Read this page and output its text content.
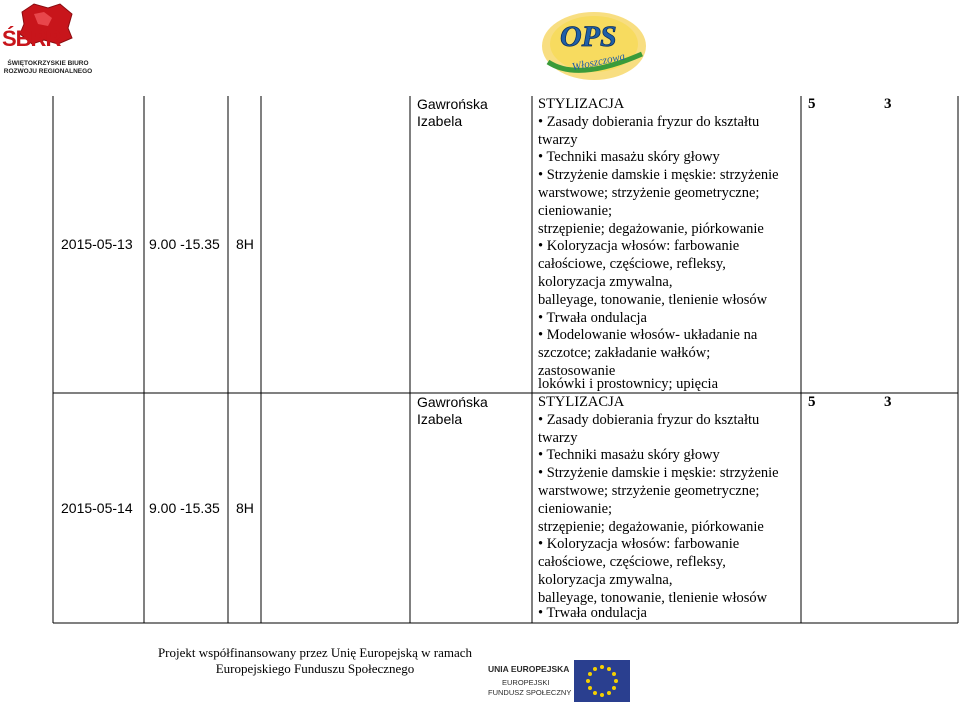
ŚBRR
ŚWIĘTOKRZYSKIE BIURO
ROZWOJU REGIONALNEGO
OPS
Włoszczowa
2015-05-13 9.00 -15.35 8H
Gawrońska
Izabela
STYLIZACJA
• Zasady dobierania fryzur do kształtu
twarzy
• Techniki masażu skóry głowy
• Strzyżenie damskie i męskie: strzyżenie
warstwowe; strzyżenie geometryczne;
cieniowanie;
strzępienie; degażowanie, piórkowanie
• Koloryzacja włosów: farbowanie
całościowe, częściowe, refleksy,
koloryzacja zmywalna,
balleyage, tonowanie, tlenienie włosów
• Trwała ondulacja
• Modelowanie włosów- układanie na
szczotce; zakładanie wałków;
zastosowanie
lokówki i prostownicy; upięcia
5	3
2015-05-14 9.00 -15.35 8H
Gawrońska
Izabela
STYLIZACJA
• Zasady dobierania fryzur do kształtu
twarzy
• Techniki masażu skóry głowy
• Strzyżenie damskie i męskie: strzyżenie
warstwowe; strzyżenie geometryczne;
cieniowanie;
strzępienie; degażowanie, piórkowanie
• Koloryzacja włosów: farbowanie
całościowe, częściowe, refleksy,
koloryzacja zmywalna,
balleyage, tonowanie, tlenienie włosów
• Trwała ondulacja
5	3
Projekt współfinansowany przez Unię Europejską w ramach
Europejskiego Funduszu Społecznego	UNIA EUROPEJSKA
EUROPEJSKI
FUNDUSZ SPOŁECZNY
